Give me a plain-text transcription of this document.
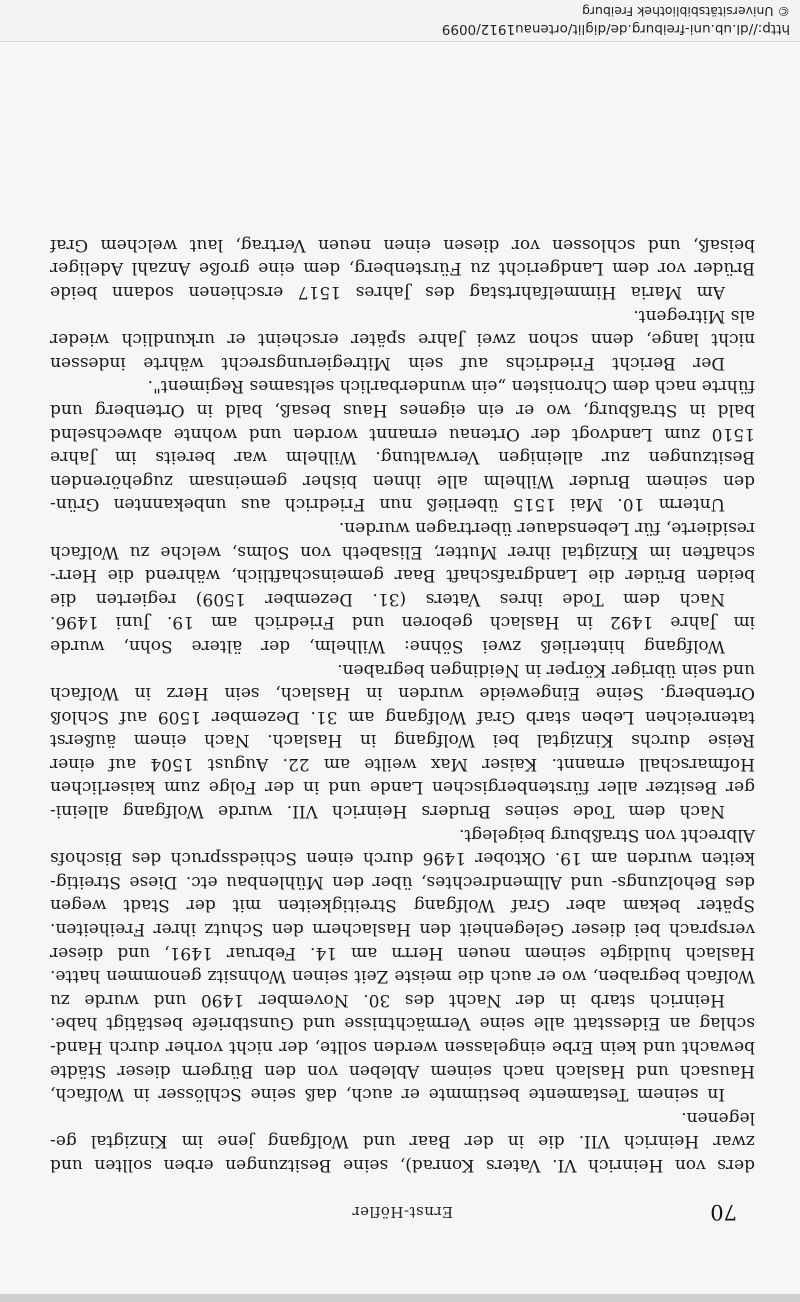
70
Ernst-Höfler
ders von Heinrich VI. Vaters Konrad), seine Besitzungen erben sollten und
zwar Heinrich VII. die in der Baar und Wolfgang jene im Kinzigtal ge-
legenen.
In seinem Testamente bestimmte er auch, daß seine Schlösser in Wolfach,
Hausach und Haslach nach seinem Ableben von den Bürgern dieser Städte
bewacht und kein Erbe eingelassen werden sollte, der nicht vorher durch Hand-
schlag an Eidesstatt alle seine Vermächtnisse und Gunstbriefe bestätigt habe.
Heinrich starb in der Nacht des 30. November 1490 und wurde zu
Wolfach begraben, wo er auch die meiste Zeit seinen Wohnsitz genommen hatte.
Haslach huldigte seinem neuen Herrn am 14. Februar 1491, und dieser
versprach bei dieser Gelegenheit den Haslachern den Schutz ihrer Freiheiten.
Später bekam aber Graf Wolfgang Streitigkeiten mit der Stadt wegen
des Beholzungs- und Allmendrechtes, über den Mühlenbau etc. Diese Streitig-
keiten wurden am 19. Oktober 1496 durch einen Schiedsspruch des Bischofs
Albrecht von Straßburg beigelegt.
Nach dem Tode seines Bruders Heinrich VII. wurde Wolfgang alleini-
ger Besitzer aller fürstenbergischen Lande und in der Folge zum kaiserlichen
Hofmarschall ernannt. Kaiser Max weilte am 22. August 1504 auf einer
Reise durchs Kinzigtal bei Wolfgang in Haslach. Nach einem äußerst
tatenreichen Leben starb Graf Wolfgang am 31. Dezember 1509 auf Schloß
Ortenberg. Seine Eingeweide wurden in Haslach, sein Herz in Wolfach
und sein übriger Körper in Neidingen begraben.
Wolfgang hinterließ zwei Söhne: Wilhelm, der ältere Sohn, wurde
im Jahre 1492 in Haslach geboren und Friedrich am 19. Juni 1496.
Nach dem Tode ihres Vaters (31. Dezember 1509) regierten die
beiden Brüder die Landgrafschaft Baar gemeinschaftlich, während die Herr-
schaften im Kinzigtal ihrer Mutter, Elisabeth von Solms, welche zu Wolfach
residierte, für Lebensdauer übertragen wurden.
Unterm 10. Mai 1515 überließ nun Friedrich aus unbekannten Grün-
den seinem Bruder Wilhelm alle ihnen bisher gemeinsam zugehörenden
Besitzungen zur alleinigen Verwaltung. Wilhelm war bereits im Jahre
1510 zum Landvogt der Ortenau ernannt worden und wohnte abwechselnd
bald in Straßburg, wo er ein eigenes Haus besaß, bald in Ortenberg und
führte nach dem Chronisten „ein wunderbarlich seltsames Regiment".
Der Bericht Friedrichs auf sein Mitregierungsrecht währte indessen
nicht lange, denn schon zwei Jahre später erscheint er urkundlich wieder
als Mitregent.
Am Maria Himmelfahrtstag des Jahres 1517 erschienen sodann beide
Brüder vor dem Landgericht zu Fürstenberg, dem eine große Anzahl Adeliger
beisaß, und schlossen vor diesen einen neuen Vertrag, laut welchem Graf
http://dl.ub.uni-freiburg.de/diglit/ortenau1912/0099
© Universitätsbibliothek Freiburg
